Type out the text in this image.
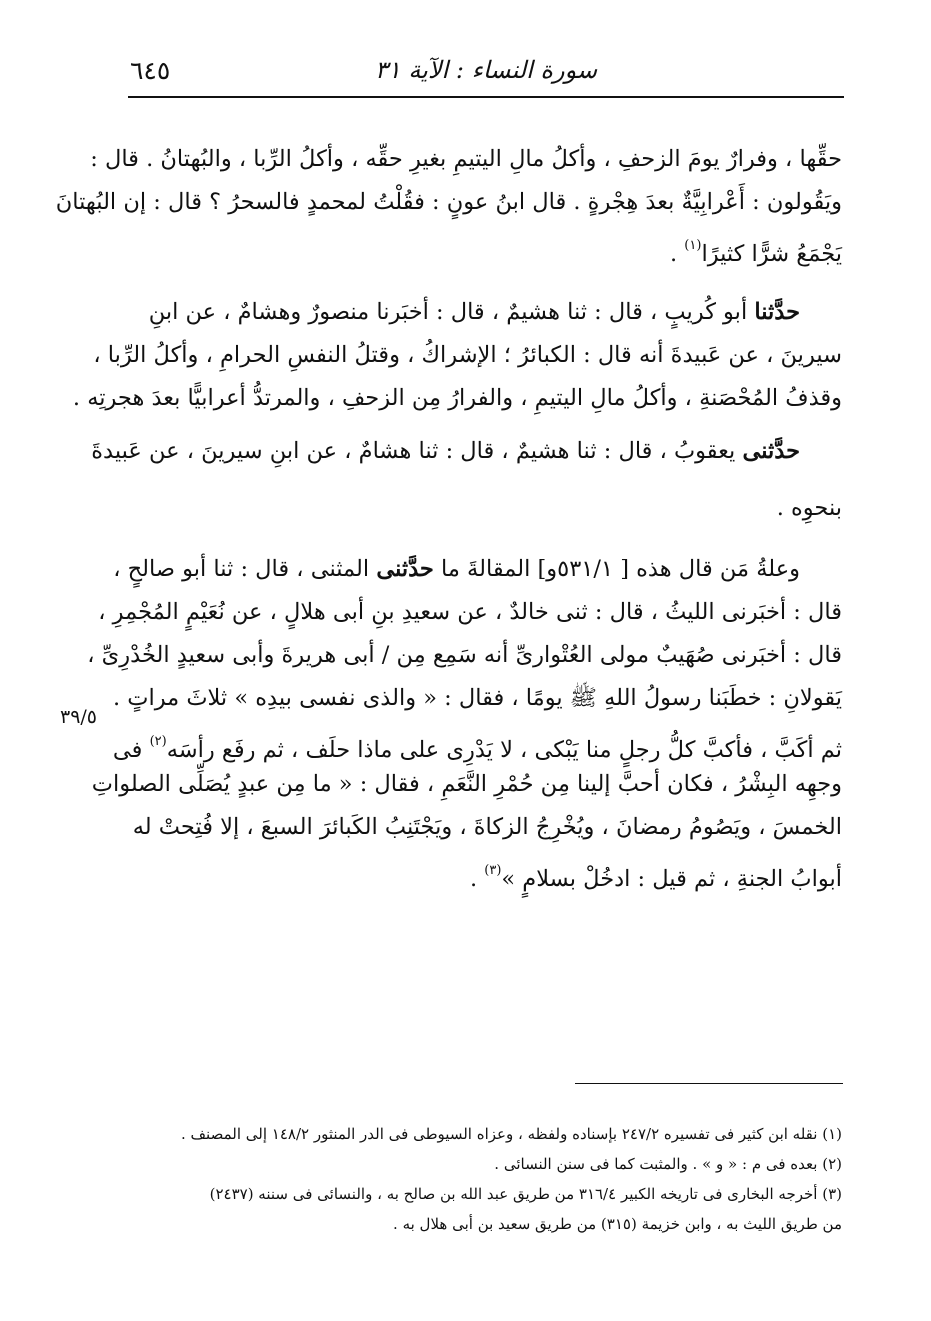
٦٤٥	سورة النساء : الآية ٣١
حقِّها ، وفرارٌ يومَ الزحفِ ، وأكلُ مالِ اليتيمِ بغيرِ حقِّه ، وأكلُ الرِّبا ، والبُهتانُ . قال :
ويَقُولون : أَعْرابِيَّةٌ بعدَ هِجْرةٍ . قال ابنُ عونٍ : فقُلْتُ لمحمدٍ فالسحرُ ؟ قال : إن البُهتانَ
يَجْمَعُ شرًّا كثيرًا$^{(١)}$ .
حدَّثنا أبو كُريبٍ ، قال : ثنا هشيمٌ ، قال : أخبَرنا منصورٌ وهشامٌ ، عن ابنِ
سيرينَ ، عن عَبيدةَ أنه قال : الكبائرُ ؛ الإشراكُ ، وقتلُ النفسِ الحرامِ ، وأكلُ الرِّبا ،
وقذفُ المُحْصَنةِ ، وأكلُ مالِ اليتيمِ ، والفرارُ مِن الزحفِ ، والمرتدُّ أعرابيًّا بعدَ هجرتِه .
حدَّثنى يعقوبُ ، قال : ثنا هشيمٌ ، قال : ثنا هشامٌ ، عن ابنِ سيرينَ ، عن عَبيدةَ
بنحوِه .
وعلةُ مَن قال هذه [ ٥٣١/١و] المقالةَ ما حدَّثنى المثنى ، قال : ثنا أبو صالحٍ ،
قال : أخبَرنى الليثُ ، قال : ثنى خالدٌ ، عن سعيدِ بنِ أبى هلالٍ ، عن نُعَيْمٍ المُجْمِرِ ،
قال : أخبَرنى صُهَيبٌ مولى العُتْوارىِّ أنه سَمِع مِن / أبى هريرةَ وأبى سعيدٍ الخُدْرِىِّ ،
يَقولانِ : خطَبَنا رسولُ اللهِ ﷺ يومًا ، فقال : « والذى نفسى بيدِه » ثلاثَ مراتٍ .
ثم أكَبَّ ، فأكبَّ كلُّ رجلٍ منا يَبْكى ، لا يَدْرِى على ماذا حلَف ، ثم رفَع رأسَه$^{(٢)}$ فى
وجهِه البِشْرُ ، فكان أحبَّ إلينا مِن حُمْرِ النَّعَمِ ، فقال : « ما مِن عبدٍ يُصَلِّى الصلواتِ
الخمسَ ، ويَصُومُ رمضانَ ، ويُخْرِجُ الزكاةَ ، ويَجْتَنِبُ الكَبائرَ السبعَ ، إلا فُتِحتْ له
أبوابُ الجنةِ ، ثم قيل : ادخُلْ بسلامٍ »$^{(٣)}$ .
٣٩/٥
(١) نقله ابن كثير فى تفسيره ٢٤٧/٢ بإسناده ولفظه ، وعزاه السيوطى فى الدر المنثور ١٤٨/٢ إلى المصنف .
(٢) بعده فى م : « و » . والمثبت كما فى سنن النسائى .
(٣) أخرجه البخارى فى تاريخه الكبير ٣١٦/٤ من طريق عبد الله بن صالح به ، والنسائى فى سننه (٢٤٣٧)
من طريق الليث به ، وابن خزيمة (٣١٥) من طريق سعيد بن أبى هلال به .
